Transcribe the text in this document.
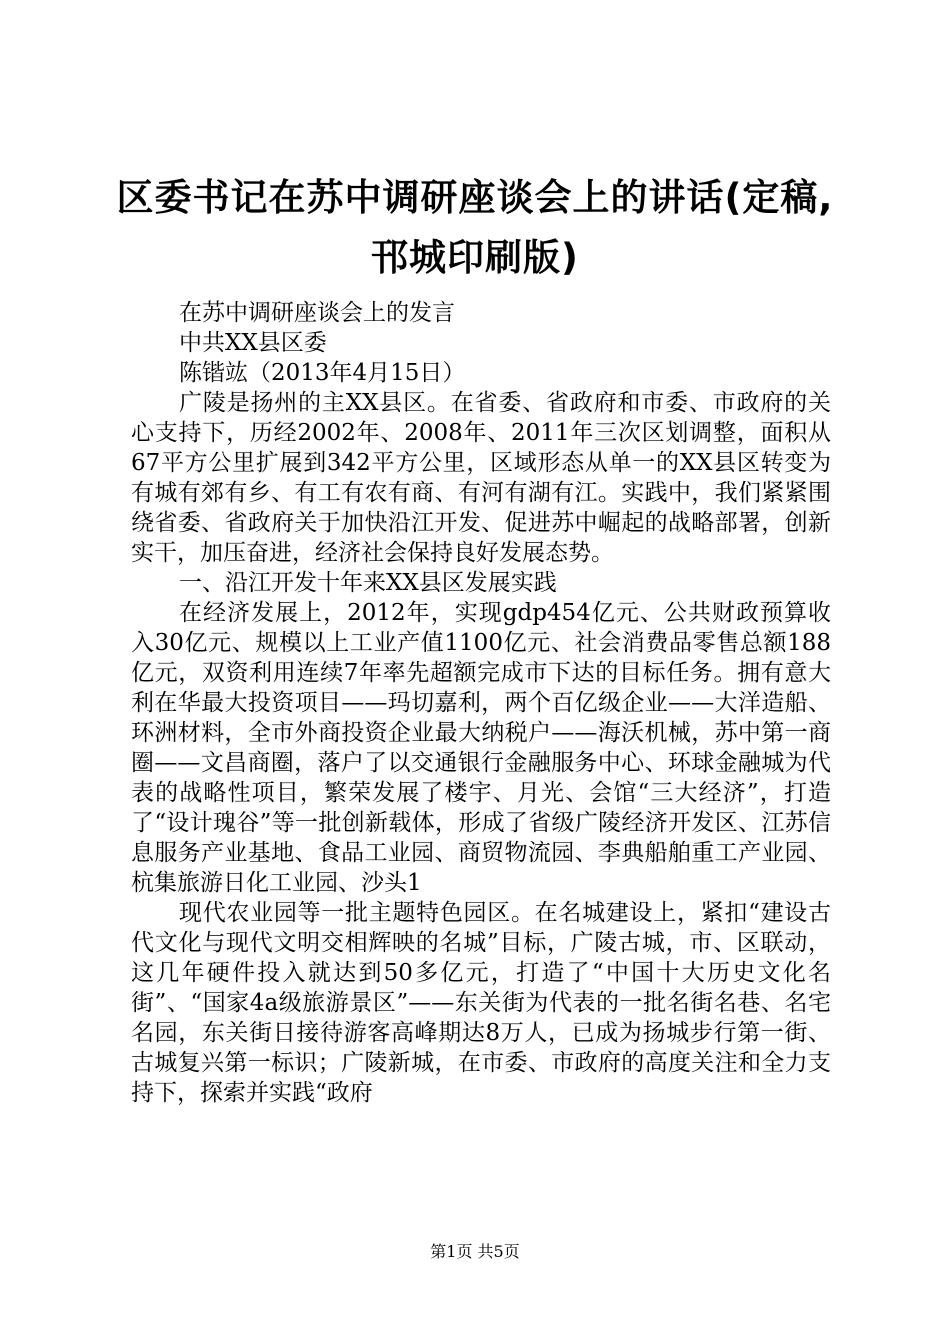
区委书记在苏中调研座谈会上的讲话(定稿,邗城印刷版)

在苏中调研座谈会上的发言

中共XX县区委

陈锴竑（2013年4月15日）

广陵是扬州的主XX县区。在省委、省政府和市委、市政府的关心支持下，历经2002年、2008年、2011年三次区划调整，面积从67平方公里扩展到342平方公里，区域形态从单一的XX县区转变为有城有郊有乡、有工有农有商、有河有湖有江。实践中，我们紧紧围绕省委、省政府关于加快沿江开发、促进苏中崛起的战略部署，创新实干，加压奋进，经济社会保持良好发展态势。

一、沿江开发十年来XX县区发展实践

在经济发展上，2012年，实现gdp454亿元、公共财政预算收入30亿元、规模以上工业产值1100亿元、社会消费品零售总额188亿元，双资利用连续7年率先超额完成市下达的目标任务。拥有意大利在华最大投资项目——玛切嘉利，两个百亿级企业——大洋造船、环洲材料，全市外商投资企业最大纳税户——海沃机械，苏中第一商圈——文昌商圈，落户了以交通银行金融服务中心、环球金融城为代表的战略性项目，繁荣发展了楼宇、月光、会馆“三大经济”，打造了“设计瑰谷”等一批创新载体，形成了省级广陵经济开发区、江苏信息服务产业基地、食品工业园、商贸物流园、李典船舶重工产业园、杭集旅游日化工业园、沙头1

现代农业园等一批主题特色园区。在名城建设上，紧扣“建设古代文化与现代文明交相辉映的名城”目标，广陵古城，市、区联动，这几年硬件投入就达到50多亿元，打造了“中国十大历史文化名街”、“国家4a级旅游景区”——东关街为代表的一批名街名巷、名宅名园，东关街日接待游客高峰期达8万人，已成为扬城步行第一街、古城复兴第一标识；广陵新城，在市委、市政府的高度关注和全力支持下，探索并实践“政府

第1页 共5页
